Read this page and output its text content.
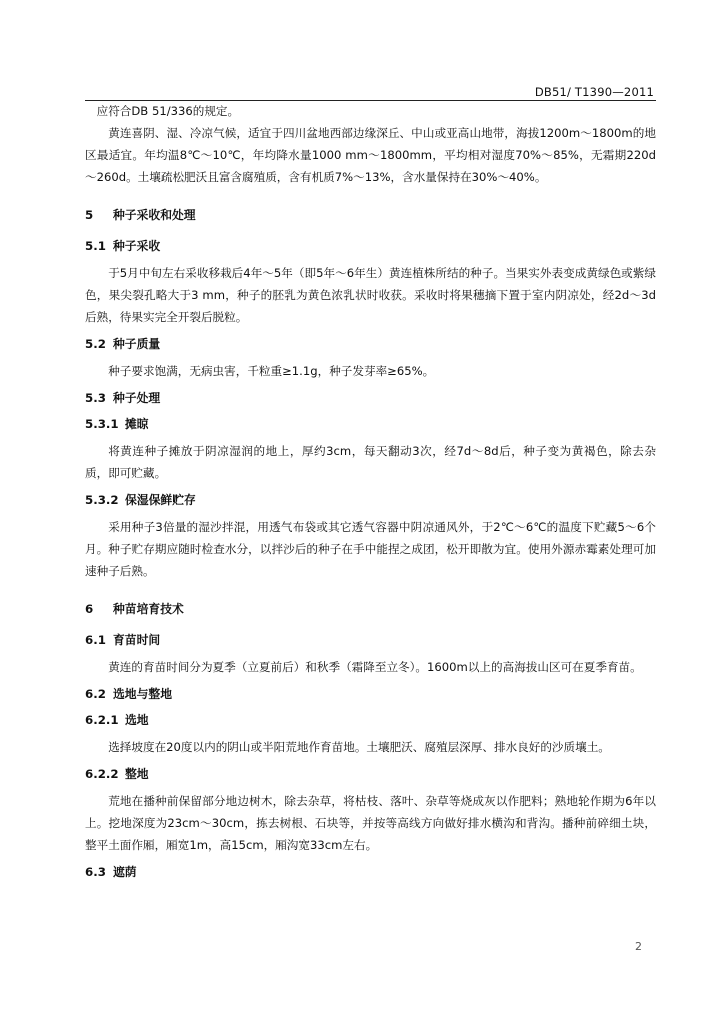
DB51/ T1390—2011

应符合DB 51/336的规定。

黄连喜阴、湿、冷凉气候，适宜于四川盆地西部边缘深丘、中山或亚高山地带，海拔1200m～1800m的地区最适宜。年均温8℃～10℃，年均降水量1000 mm～1800mm，平均相对湿度70%～85%，无霜期220d～260d。土壤疏松肥沃且富含腐殖质，含有机质7%～13%，含水量保持在30%～40%。

5 种子采收和处理
5.1 种子采收

于5月中旬左右采收移栽后4年～5年（即5年～6年生）黄连植株所结的种子。当果实外表变成黄绿色或紫绿色，果尖裂孔略大于3 mm，种子的胚乳为黄色浓乳状时收获。采收时将果穗摘下置于室内阴凉处，经2d～3d后熟，待果实完全开裂后脱粒。

5.2 种子质量

种子要求饱满，无病虫害，千粒重≥1.1g，种子发芽率≥65%。

5.3 种子处理
5.3.1 摊晾

将黄连种子摊放于阴凉湿润的地上，厚约3cm，每天翻动3次，经7d～8d后，种子变为黄褐色，除去杂质，即可贮藏。

5.3.2 保湿保鲜贮存

采用种子3倍量的湿沙拌混，用透气布袋或其它透气容器中阴凉通风外，于2℃～6℃的温度下贮藏5～6个月。种子贮存期应随时检查水分，以拌沙后的种子在手中能捏之成团，松开即散为宜。使用外源赤霉素处理可加速种子后熟。

6 种苗培育技术
6.1 育苗时间

黄连的育苗时间分为夏季（立夏前后）和秋季（霜降至立冬）。1600m以上的高海拔山区可在夏季育苗。

6.2 选地与整地
6.2.1 选地

选择坡度在20度以内的阴山或半阳荒地作育苗地。土壤肥沃、腐殖层深厚、排水良好的沙质壤土。

6.2.2 整地

荒地在播种前保留部分地边树木，除去杂草，将枯枝、落叶、杂草等烧成灰以作肥料；熟地轮作期为6年以上。挖地深度为23cm～30cm，拣去树根、石块等，并按等高线方向做好排水横沟和背沟。播种前碎细土块，整平土面作厢，厢宽1m，高15cm，厢沟宽33cm左右。

6.3 遮荫
2
